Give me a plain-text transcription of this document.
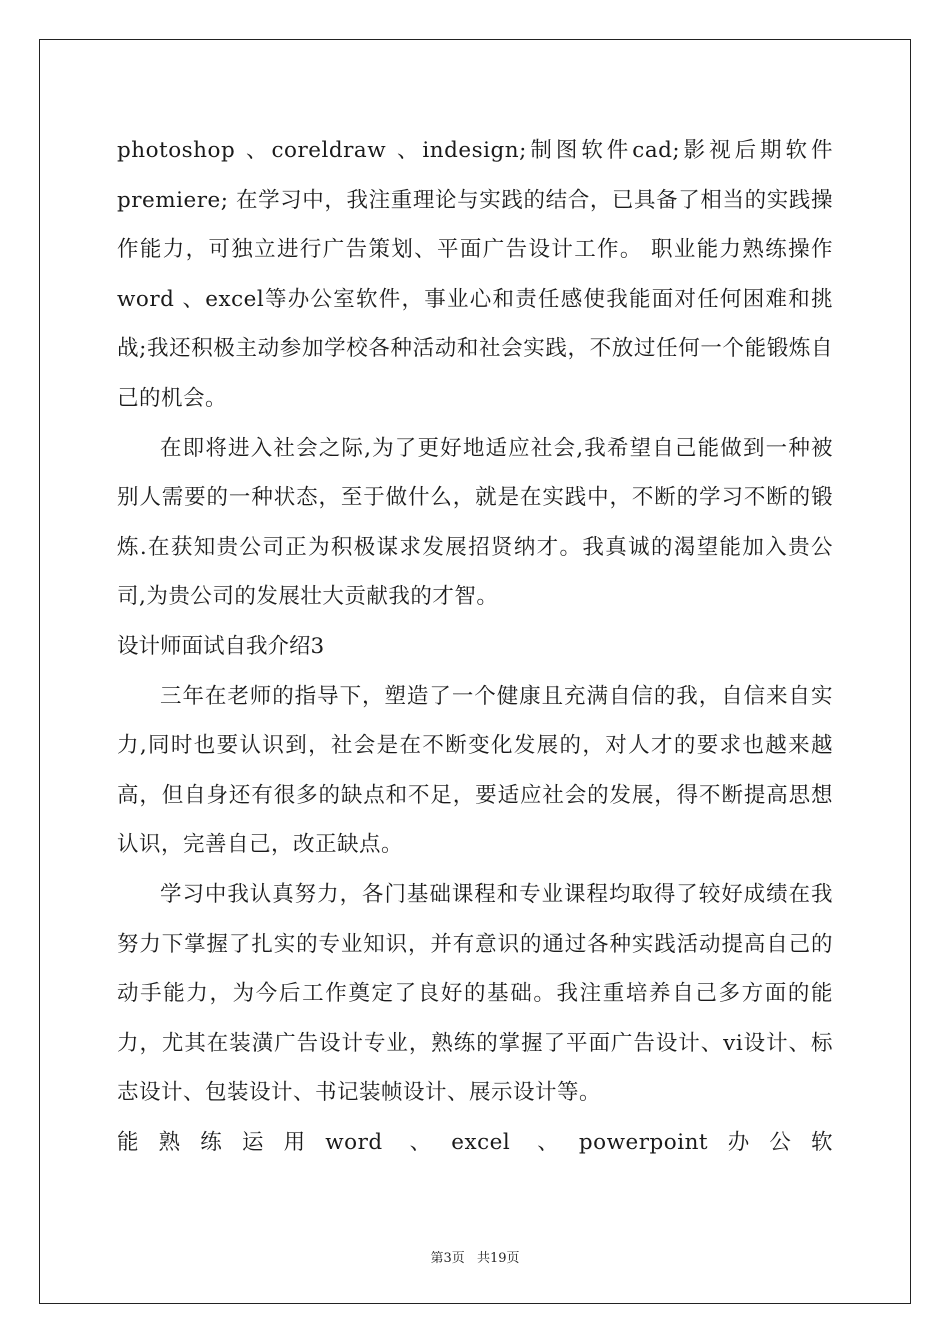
photoshop 、coreldraw 、indesign;制图软件cad;影视后期软件premiere; 在学习中，我注重理论与实践的结合，已具备了相当的实践操作能力，可独立进行广告策划、平面广告设计工作。 职业能力熟练操作word 、excel等办公室软件，事业心和责任感使我能面对任何困难和挑战;我还积极主动参加学校各种活动和社会实践，不放过任何一个能锻炼自己的机会。

在即将进入社会之际,为了更好地适应社会,我希望自己能做到一种被别人需要的一种状态，至于做什么，就是在实践中，不断的学习不断的锻炼.在获知贵公司正为积极谋求发展招贤纳才。我真诚的渴望能加入贵公司,为贵公司的发展壮大贡献我的才智。

设计师面试自我介绍3

三年在老师的指导下，塑造了一个健康且充满自信的我，自信来自实力,同时也要认识到，社会是在不断变化发展的，对人才的要求也越来越高，但自身还有很多的缺点和不足，要适应社会的发展，得不断提高思想认识，完善自己，改正缺点。

学习中我认真努力，各门基础课程和专业课程均取得了较好成绩在我努力下掌握了扎实的专业知识，并有意识的通过各种实践活动提高自己的动手能力，为今后工作奠定了良好的基础。我注重培养自己多方面的能力，尤其在装潢广告设计专业，熟练的掌握了平面广告设计、vi设计、标志设计、包装设计、书记装帧设计、展示设计等。

能熟练运用word 、excel 、powerpoint办公软

第3页 共19页
